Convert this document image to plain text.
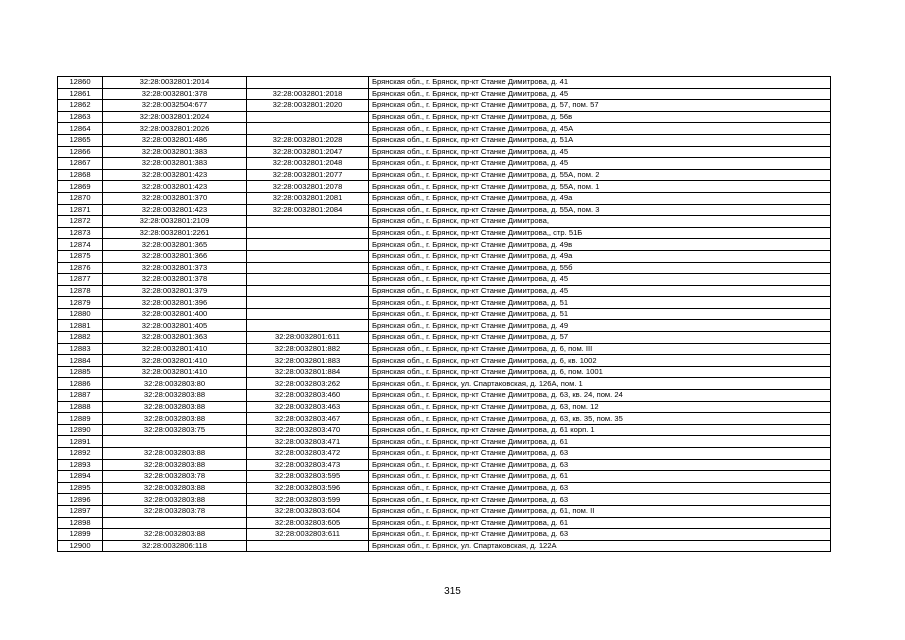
12860	32:28:0032801:2014		Брянская обл., г. Брянск, пр-кт Станке Димитрова, д. 41
12861	32:28:0032801:378	32:28:0032801:2018	Брянская обл., г. Брянск, пр-кт Станке Димитрова, д. 45
12862	32:28:0032504:677	32:28:0032801:2020	Брянская обл., г. Брянск, пр-кт Станке Димитрова, д. 57, пом. 57
12863	32:28:0032801:2024		Брянская обл., г. Брянск, пр-кт Станке Димитрова, д. 56в
12864	32:28:0032801:2026		Брянская обл., г. Брянск, пр-кт Станке Димитрова, д. 45А
12865	32:28:0032801:486	32:28:0032801:2028	Брянская обл., г. Брянск, пр-кт Станке Димитрова, д. 51А
12866	32:28:0032801:383	32:28:0032801:2047	Брянская обл., г. Брянск, пр-кт Станке Димитрова, д. 45
12867	32:28:0032801:383	32:28:0032801:2048	Брянская обл., г. Брянск, пр-кт Станке Димитрова, д. 45
12868	32:28:0032801:423	32:28:0032801:2077	Брянская обл., г. Брянск, пр-кт Станке Димитрова, д. 55А, пом. 2
12869	32:28:0032801:423	32:28:0032801:2078	Брянская обл., г. Брянск, пр-кт Станке Димитрова, д. 55А, пом. 1
12870	32:28:0032801:370	32:28:0032801:2081	Брянская обл., г. Брянск, пр-кт Станке Димитрова, д. 49а
12871	32:28:0032801:423	32:28:0032801:2084	Брянская обл., г. Брянск, пр-кт Станке Димитрова, д. 55А, пом. 3
12872	32:28:0032801:2109		Брянская обл., г. Брянск, пр-кт Станке Димитрова,
12873	32:28:0032801:2261		Брянская обл., г. Брянск, пр-кт Станке Димитрова,, стр. 51Б
12874	32:28:0032801:365		Брянская обл., г. Брянск, пр-кт Станке Димитрова, д. 49в
12875	32:28:0032801:366		Брянская обл., г. Брянск, пр-кт Станке Димитрова, д. 49а
12876	32:28:0032801:373		Брянская обл., г. Брянск, пр-кт Станке Димитрова, д. 55б
12877	32:28:0032801:378		Брянская обл., г. Брянск, пр-кт Станке Димитрова, д. 45
12878	32:28:0032801:379		Брянская обл., г. Брянск, пр-кт Станке Димитрова, д. 45
12879	32:28:0032801:396		Брянская обл., г. Брянск, пр-кт Станке Димитрова, д. 51
12880	32:28:0032801:400		Брянская обл., г. Брянск, пр-кт Станке Димитрова, д. 51
12881	32:28:0032801:405		Брянская обл., г. Брянск, пр-кт Станке Димитрова, д. 49
12882	32:28:0032801:363	32:28:0032801:611	Брянская обл., г. Брянск, пр-кт Станке Димитрова, д. 57
12883	32:28:0032801:410	32:28:0032801:882	Брянская обл., г. Брянск, пр-кт Станке Димитрова, д. 6, пом. III
12884	32:28:0032801:410	32:28:0032801:883	Брянская обл., г. Брянск, пр-кт Станке Димитрова, д. 6, кв. 1002
12885	32:28:0032801:410	32:28:0032801:884	Брянская обл., г. Брянск, пр-кт Станке Димитрова, д. 6, пом. 1001
12886	32:28:0032803:80	32:28:0032803:262	Брянская обл., г. Брянск, ул. Спартаковская, д. 126А, пом. 1
12887	32:28:0032803:88	32:28:0032803:460	Брянская обл., г. Брянск, пр-кт Станке Димитрова, д. 63, кв. 24, пом. 24
12888	32:28:0032803:88	32:28:0032803:463	Брянская обл., г. Брянск, пр-кт Станке Димитрова, д. 63, пом. 12
12889	32:28:0032803:88	32:28:0032803:467	Брянская обл., г. Брянск, пр-кт Станке Димитрова, д. 63, кв. 35, пом. 35
12890	32:28:0032803:75	32:28:0032803:470	Брянская обл., г. Брянск, пр-кт Станке Димитрова, д. 61 корп. 1
12891		32:28:0032803:471	Брянская обл., г. Брянск, пр-кт Станке Димитрова, д. 61
12892	32:28:0032803:88	32:28:0032803:472	Брянская обл., г. Брянск, пр-кт Станке Димитрова, д. 63
12893	32:28:0032803:88	32:28:0032803:473	Брянская обл., г. Брянск, пр-кт Станке Димитрова, д. 63
12894	32:28:0032803:78	32:28:0032803:595	Брянская обл., г. Брянск, пр-кт Станке Димитрова, д. 61
12895	32:28:0032803:88	32:28:0032803:596	Брянская обл., г. Брянск, пр-кт Станке Димитрова, д. 63
12896	32:28:0032803:88	32:28:0032803:599	Брянская обл., г. Брянск, пр-кт Станке Димитрова, д. 63
12897	32:28:0032803:78	32:28:0032803:604	Брянская обл., г. Брянск, пр-кт Станке Димитрова, д. 61, пом. II
12898		32:28:0032803:605	Брянская обл., г. Брянск, пр-кт Станке Димитрова, д. 61
12899	32:28:0032803:88	32:28:0032803:611	Брянская обл., г. Брянск, пр-кт Станке Димитрова, д. 63
12900	32:28:0032806:118		Брянская обл., г. Брянск, ул. Спартаковская, д. 122А
315
